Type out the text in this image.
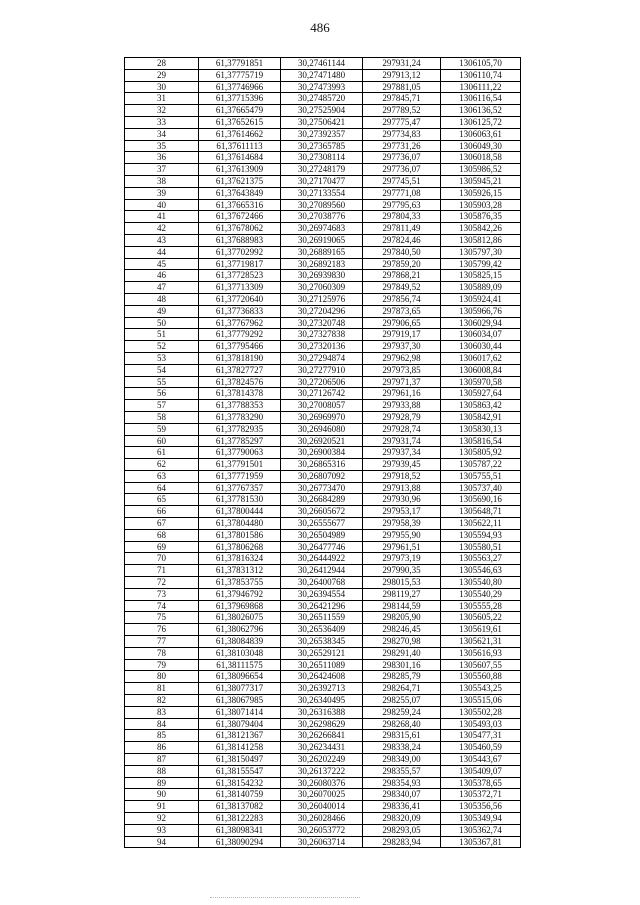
486
28	61,37791851	30,27461144	297931,24	1306105,70
29	61,37775719	30,27471480	297913,12	1306110,74
30	61,37746966	30,27473993	297881,05	1306111,22
31	61,37715396	30,27485720	297845,71	1306116,54
32	61,37665479	30,27525904	297789,52	1306136,52
33	61,37652615	30,27506421	297775,47	1306125,72
34	61,37614662	30,27392357	297734,83	1306063,61
35	61,37611113	30,27365785	297731,26	1306049,30
36	61,37614684	30,27308114	297736,07	1306018,58
37	61,37613909	30,27248179	297736,07	1305986,52
38	61,37621375	30,27170477	297745,51	1305945,21
39	61,37643849	30,27133554	297771,08	1305926,15
40	61,37665316	30,27089560	297795,63	1305903,28
41	61,37672466	30,27038776	297804,33	1305876,35
42	61,37678062	30,26974683	297811,49	1305842,26
43	61,37688983	30,26919065	297824,46	1305812,86
44	61,37702992	30,26889165	297840,50	1305797,30
45	61,37719817	30,26892183	297859,20	1305799,42
46	61,37728523	30,26939830	297868,21	1305825,15
47	61,37713309	30,27060309	297849,52	1305889,09
48	61,37720640	30,27125976	297856,74	1305924,41
49	61,37736833	30,27204296	297873,65	1305966,76
50	61,37767962	30,27320748	297906,65	1306029,94
51	61,37779292	30,27327838	297919,17	1306034,07
52	61,37795466	30,27320136	297937,30	1306030,44
53	61,37818190	30,27294874	297962,98	1306017,62
54	61,37827727	30,27277910	297973,85	1306008,84
55	61,37824576	30,27206506	297971,37	1305970,58
56	61,37814378	30,27126742	297961,16	1305927,64
57	61,37788353	30,27008057	297933,88	1305863,42
58	61,37783290	30,26969970	297928,79	1305842,91
59	61,37782935	30,26946080	297928,74	1305830,13
60	61,37785297	30,26920521	297931,74	1305816,54
61	61,37790063	30,26900384	297937,34	1305805,92
62	61,37791501	30,26865316	297939,45	1305787,22
63	61,37771959	30,26807092	297918,52	1305755,51
64	61,37767357	30,26773470	297913,88	1305737,40
65	61,37781530	30,26684289	297930,96	1305690,16
66	61,37800444	30,26605672	297953,17	1305648,71
67	61,37804480	30,26555677	297958,39	1305622,11
68	61,37801586	30,26504989	297955,90	1305594,93
69	61,37806268	30,26477746	297961,51	1305580,51
70	61,37816324	30,26444922	297973,19	1305563,27
71	61,37831312	30,26412944	297990,35	1305546,63
72	61,37853755	30,26400768	298015,53	1305540,80
73	61,37946792	30,26394554	298119,27	1305540,29
74	61,37969868	30,26421296	298144,59	1305555,28
75	61,38026075	30,26511559	298205,90	1305605,22
76	61,38062796	30,26536409	298246,45	1305619,61
77	61,38084839	30,26538345	298270,98	1305621,31
78	61,38103048	30,26529121	298291,40	1305616,93
79	61,38111575	30,26511089	298301,16	1305607,55
80	61,38096654	30,26424608	298285,79	1305560,88
81	61,38077317	30,26392713	298264,71	1305543,25
82	61,38067985	30,26340495	298255,07	1305515,06
83	61,38071414	30,26316388	298259,24	1305502,28
84	61,38079404	30,26298629	298268,40	1305493,03
85	61,38121367	30,26266841	298315,61	1305477,31
86	61,38141258	30,26234431	298338,24	1305460,59
87	61,38150497	30,26202249	298349,00	1305443,67
88	61,38155547	30,26137222	298355,57	1305409,07
89	61,38154232	30,26080376	298354,93	1305378,65
90	61,38140759	30,26070025	298340,07	1305372,71
91	61,38137082	30,26040014	298336,41	1305356,56
92	61,38122283	30,26028466	298320,09	1305349,94
93	61,38098341	30,26053772	298293,05	1305362,74
94	61,38090294	30,26063714	298283,94	1305367,81
